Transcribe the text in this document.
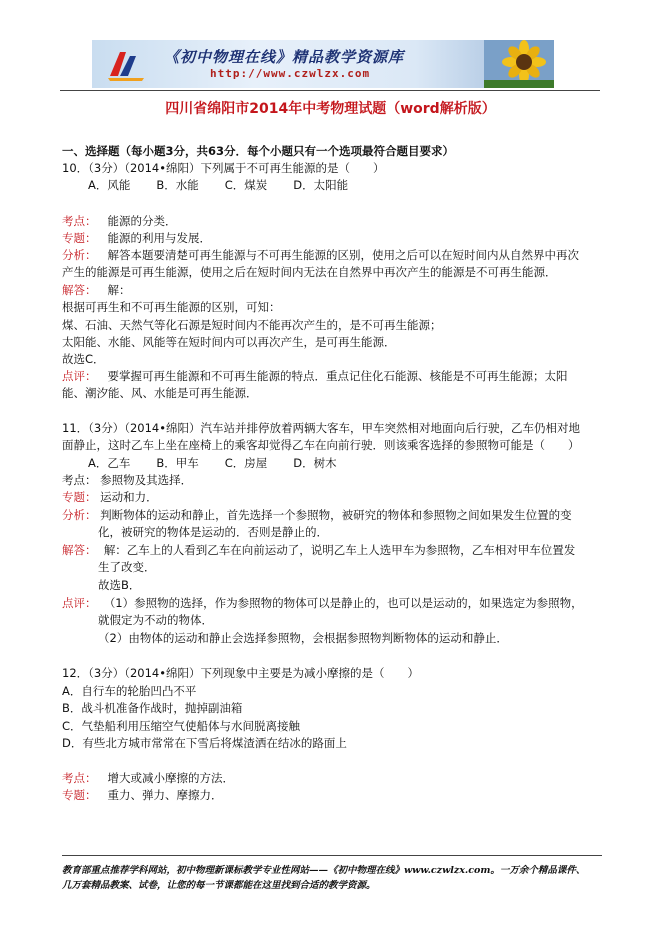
《初中物理在线》精品教学资源库
http://www.czwlzx.com
四川省绵阳市2014年中考物理试题（word解析版）
一、选择题（每小题3分，共63分．每个小题只有一个选项最符合题目要求）
10．（3分）（2014•绵阳）下列属于不可再生能源的是（　　）
A．风能 B．水能 C．煤炭 D．太阳能
考点： 能源的分类．
专题： 能源的利用与发展．
分析： 解答本题要清楚可再生能源与不可再生能源的区别，使用之后可以在短时间内从自然界中再次
产生的能源是可再生能源，使用之后在短时间内无法在自然界中再次产生的能源是不可再生能源．
解答： 解：
根据可再生和不可再生能源的区别，可知：
煤、石油、天然气等化石源是短时间内不能再次产生的，是不可再生能源；
太阳能、水能、风能等在短时间内可以再次产生，是可再生能源．
故选C．
点评： 要掌握可再生能源和不可再生能源的特点．重点记住化石能源、核能是不可再生能源；太阳
能、潮汐能、风、水能是可再生能源．
11．（3分）（2014•绵阳）汽车站并排停放着两辆大客车，甲车突然相对地面向后行驶，乙车仍相对地
面静止，这时乙车上坐在座椅上的乘客却觉得乙车在向前行驶．则该乘客选择的参照物可能是（　　）
A．乙车 B．甲车 C．房屋 D．树木
考点： 参照物及其选择．
专题： 运动和力．
分析： 判断物体的运动和静止，首先选择一个参照物，被研究的物体和参照物之间如果发生位置的变
化，被研究的物体是运动的．否则是静止的．
解答： 解：乙车上的人看到乙车在向前运动了，说明乙车上人选甲车为参照物，乙车相对甲车位置发
生了改变．
故选B．
点评： （1）参照物的选择，作为参照物的物体可以是静止的，也可以是运动的，如果选定为参照物，
就假定为不动的物体．
（2）由物体的运动和静止会选择参照物，会根据参照物判断物体的运动和静止．
12．（3分）（2014•绵阳）下列现象中主要是为减小摩擦的是（　　）
A．自行车的轮胎凹凸不平
B．战斗机准备作战时，抛掉副油箱
C．气垫船利用压缩空气使船体与水间脱离接触
D．有些北方城市常常在下雪后将煤渣洒在结冰的路面上
考点： 增大或减小摩擦的方法．
专题： 重力、弹力、摩擦力．
教育部重点推荐学科网站，初中物理新课标教学专业性网站——《初中物理在线》www.czwlzx.com。一万余个精品课件、
几万套精品教案、试卷，让您的每一节课都能在这里找到合适的教学资源。
